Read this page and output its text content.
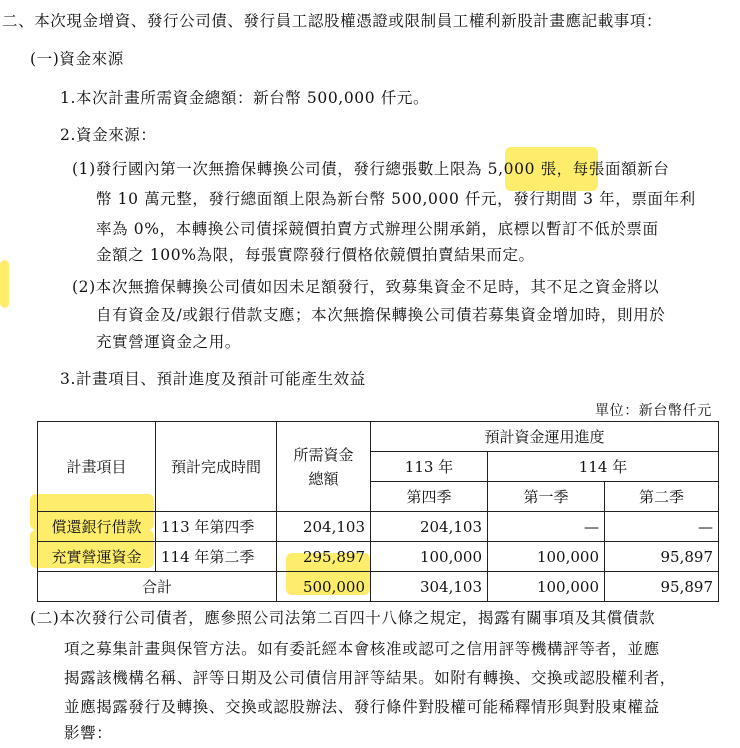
二、本次現金增資、發行公司債、發行員工認股權憑證或限制員工權利新股計畫應記載事項：
(一)資金來源
1.本次計畫所需資金總額：新台幣 500,000 仟元。
2.資金來源：
(1)發行國內第一次無擔保轉換公司債，發行總張數上限為 5,000 張，每張面額新台
幣 10 萬元整，發行總面額上限為新台幣 500,000 仟元，發行期間 3 年，票面年利
率為 0%，本轉換公司債採競價拍賣方式辦理公開承銷，底標以暫訂不低於票面
金額之 100%為限，每張實際發行價格依競價拍賣結果而定。
(2)本次無擔保轉換公司債如因未足額發行，致募集資金不足時，其不足之資金將以
自有資金及/或銀行借款支應；本次無擔保轉換公司債若募集資金增加時，則用於
充實營運資金之用。
3.計畫項目、預計進度及預計可能產生效益
單位：新台幣仟元
計畫項目	預計完成時間	所需資金總額	預計資金運用進度		
			113 年	114 年	
			第四季	第一季	第二季
償還銀行借款	113 年第四季	204,103	204,103	—	—
充實營運資金	114 年第二季	295,897	100,000	100,000	95,897
合計		500,000	304,103	100,000	95,897
(二)本次發行公司債者，應參照公司法第二百四十八條之規定，揭露有關事項及其償債款
項之募集計畫與保管方法。如有委託經本會核准或認可之信用評等機構評等者，並應
揭露該機構名稱、評等日期及公司債信用評等結果。如附有轉換、交換或認股權利者，
並應揭露發行及轉換、交換或認股辦法、發行條件對股權可能稀釋情形與對股東權益
影響：
